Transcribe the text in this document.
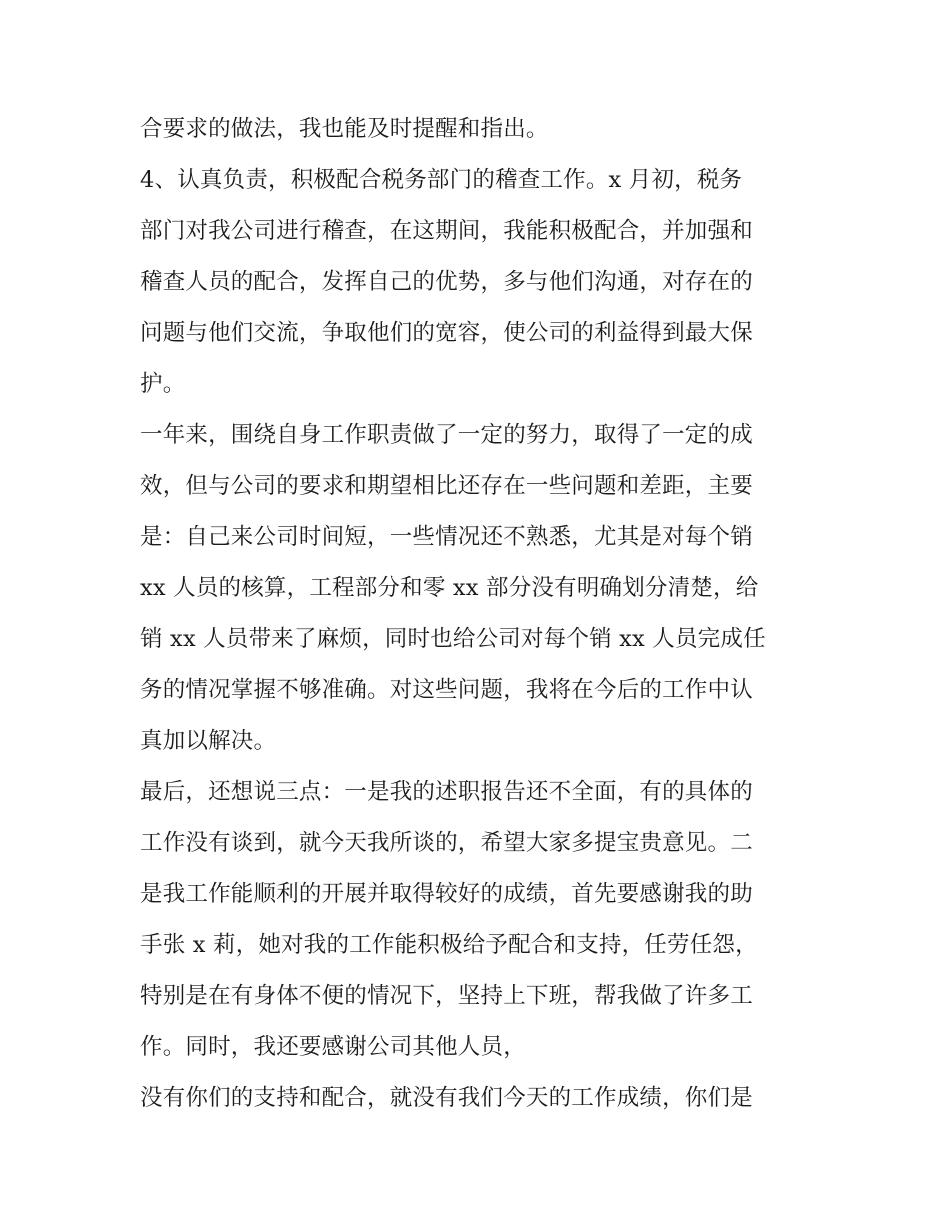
合要求的做法，我也能及时提醒和指出。
4、认真负责，积极配合税务部门的稽查工作。x 月初，税务
部门对我公司进行稽查，在这期间，我能积极配合，并加强和
稽查人员的配合，发挥自己的优势，多与他们沟通，对存在的
问题与他们交流，争取他们的宽容，使公司的利益得到最大保
护。
一年来，围绕自身工作职责做了一定的努力，取得了一定的成
效，但与公司的要求和期望相比还存在一些问题和差距，主要
是：自己来公司时间短，一些情况还不熟悉，尤其是对每个销
xx 人员的核算，工程部分和零 xx 部分没有明确划分清楚，给
销 xx 人员带来了麻烦，同时也给公司对每个销 xx 人员完成任
务的情况掌握不够准确。对这些问题，我将在今后的工作中认
真加以解决。
最后，还想说三点：一是我的述职报告还不全面，有的具体的
工作没有谈到，就今天我所谈的，希望大家多提宝贵意见。二
是我工作能顺利的开展并取得较好的成绩，首先要感谢我的助
手张 x 莉，她对我的工作能积极给予配合和支持，任劳任怨，
特别是在有身体不便的情况下，坚持上下班，帮我做了许多工
作。同时，我还要感谢公司其他人员，
没有你们的支持和配合，就没有我们今天的工作成绩，你们是
